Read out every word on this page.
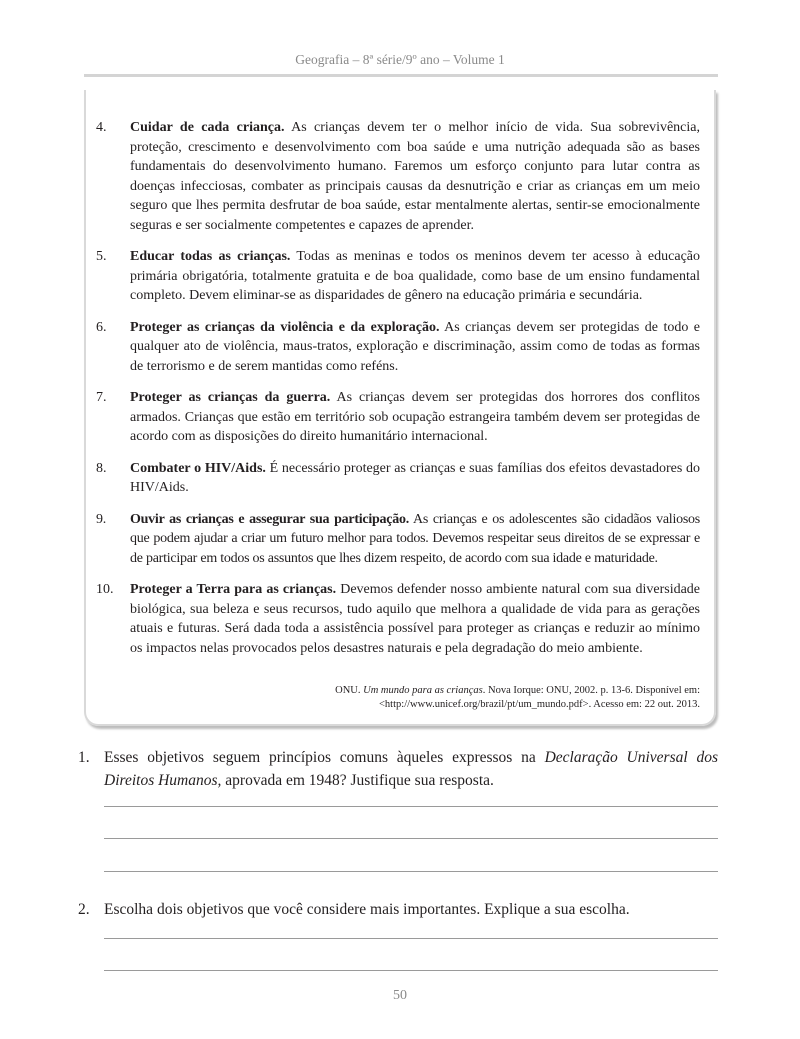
Geografia – 8ª série/9º ano – Volume 1
4.	Cuidar de cada criança. As crianças devem ter o melhor início de vida. Sua sobrevivência, proteção, crescimento e desenvolvimento com boa saúde e uma nutrição adequada são as bases fundamentais do desenvolvimento humano. Faremos um esforço conjunto para lutar contra as doenças infecciosas, combater as principais causas da desnutrição e criar as crianças em um meio seguro que lhes permita desfrutar de boa saúde, estar mentalmente alertas, sentir-se emocionalmente seguras e ser socialmente competentes e capazes de aprender.
5.	Educar todas as crianças. Todas as meninas e todos os meninos devem ter acesso à educação primária obrigatória, totalmente gratuita e de boa qualidade, como base de um ensino fundamental completo. Devem eliminar-se as disparidades de gênero na educação primária e secundária.
6.	Proteger as crianças da violência e da exploração. As crianças devem ser protegidas de todo e qualquer ato de violência, maus-tratos, exploração e discriminação, assim como de todas as formas de terrorismo e de serem mantidas como reféns.
7.	Proteger as crianças da guerra. As crianças devem ser protegidas dos horrores dos conflitos armados. Crianças que estão em território sob ocupação estrangeira também devem ser protegidas de acordo com as disposições do direito humanitário internacional.
8.	Combater o HIV/Aids. É necessário proteger as crianças e suas famílias dos efeitos devastadores do HIV/Aids.
9.	Ouvir as crianças e assegurar sua participação. As crianças e os adolescentes são cidadãos valiosos que podem ajudar a criar um futuro melhor para todos. Devemos respeitar seus direitos de se expressar e de participar em todos os assuntos que lhes dizem respeito, de acordo com sua idade e maturidade.
10.	Proteger a Terra para as crianças. Devemos defender nosso ambiente natural com sua diversidade biológica, sua beleza e seus recursos, tudo aquilo que melhora a qualidade de vida para as gerações atuais e futuras. Será dada toda a assistência possível para proteger as crianças e reduzir ao mínimo os impactos nelas provocados pelos desastres naturais e pela degradação do meio ambiente.
ONU. Um mundo para as crianças. Nova Iorque: ONU, 2002. p. 13-6. Disponível em:
<http://www.unicef.org/brazil/pt/um_mundo.pdf>. Acesso em: 22 out. 2013.
1. Esses objetivos seguem princípios comuns àqueles expressos na Declaração Universal dos Direitos Humanos, aprovada em 1948? Justifique sua resposta.
2. Escolha dois objetivos que você considere mais importantes. Explique a sua escolha.
50
